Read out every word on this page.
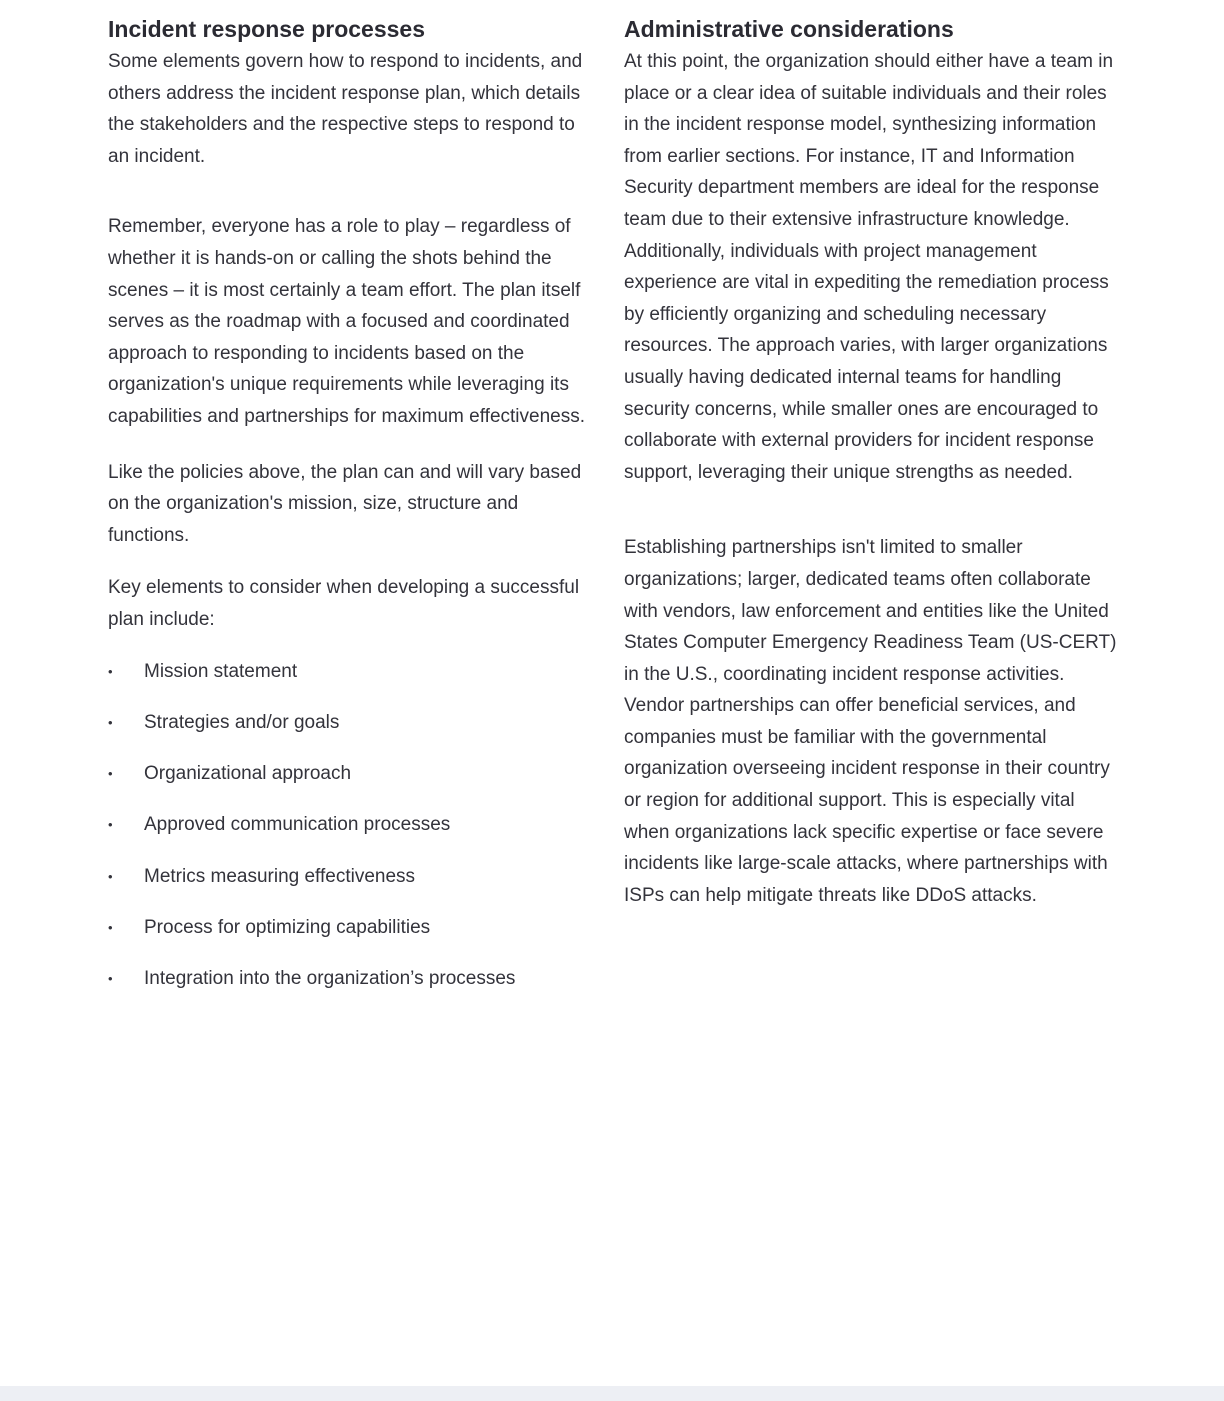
Incident response processes

Some elements govern how to respond to incidents, and others address the incident response plan, which details the stakeholders and the respective steps to respond to an incident.

Remember, everyone has a role to play – regardless of whether it is hands-on or calling the shots behind the scenes – it is most certainly a team effort. The plan itself serves as the roadmap with a focused and coordinated approach to responding to incidents based on the organization's unique requirements while leveraging its capabilities and partnerships for maximum effectiveness.

Like the policies above, the plan can and will vary based on the organization's mission, size, structure and functions.

Key elements to consider when developing a successful plan include:

• Mission statement
• Strategies and/or goals
• Organizational approach
• Approved communication processes
• Metrics measuring effectiveness
• Process for optimizing capabilities
• Integration into the organization’s processes
Administrative considerations

At this point, the organization should either have a team in place or a clear idea of suitable individuals and their roles in the incident response model, synthesizing information from earlier sections. For instance, IT and Information Security department members are ideal for the response team due to their extensive infrastructure knowledge. Additionally, individuals with project management experience are vital in expediting the remediation process by efficiently organizing and scheduling necessary resources. The approach varies, with larger organizations usually having dedicated internal teams for handling security concerns, while smaller ones are encouraged to collaborate with external providers for incident response support, leveraging their unique strengths as needed.

Establishing partnerships isn't limited to smaller organizations; larger, dedicated teams often collaborate with vendors, law enforcement and entities like the United States Computer Emergency Readiness Team (US-CERT) in the U.S., coordinating incident response activities. Vendor partnerships can offer beneficial services, and companies must be familiar with the governmental organization overseeing incident response in their country or region for additional support. This is especially vital when organizations lack specific expertise or face severe incidents like large-scale attacks, where partnerships with ISPs can help mitigate threats like DDoS attacks.
